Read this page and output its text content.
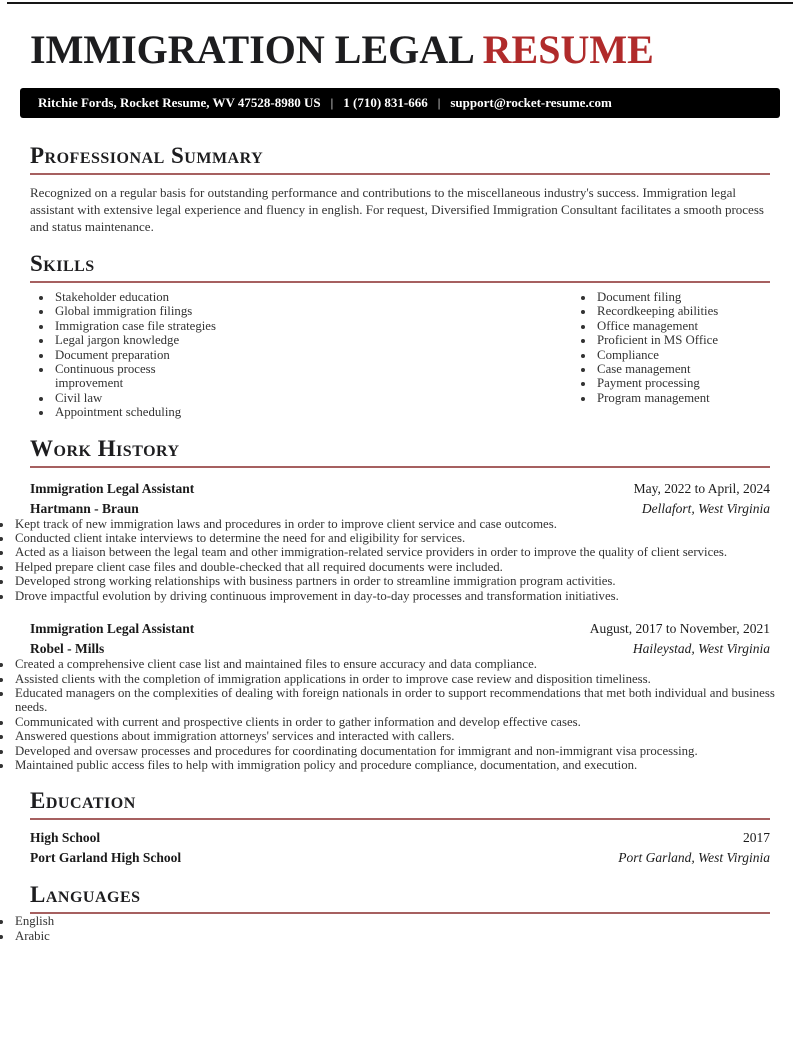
IMMIGRATION LEGAL RESUME
Ritchie Fords, Rocket Resume, WV 47528-8980 US | 1 (710) 831-666 | support@rocket-resume.com
Professional Summary

Recognized on a regular basis for outstanding performance and contributions to the miscellaneous industry's success. Immigration legal assistant with extensive legal experience and fluency in english. For request, Diversified Immigration Consultant facilitates a smooth process and status maintenance.

Skills
• Stakeholder education
• Global immigration filings
• Immigration case file strategies
• Legal jargon knowledge
• Document preparation
• Continuous process improvement
• Civil law
• Appointment scheduling
• Document filing
• Recordkeeping abilities
• Office management
• Proficient in MS Office
• Compliance
• Case management
• Payment processing
• Program management
Work History
Immigration Legal Assistant	May, 2022 to April, 2024
Hartmann - Braun	Dellafort, West Virginia
• Kept track of new immigration laws and procedures in order to improve client service and case outcomes.
• Conducted client intake interviews to determine the need for and eligibility for services.
• Acted as a liaison between the legal team and other immigration-related service providers in order to improve the quality of client services.
• Helped prepare client case files and double-checked that all required documents were included.
• Developed strong working relationships with business partners in order to streamline immigration program activities.
• Drove impactful evolution by driving continuous improvement in day-to-day processes and transformation initiatives.
Immigration Legal Assistant	August, 2017 to November, 2021
Robel - Mills	Haileystad, West Virginia
• Created a comprehensive client case list and maintained files to ensure accuracy and data compliance.
• Assisted clients with the completion of immigration applications in order to improve case review and disposition timeliness.
• Educated managers on the complexities of dealing with foreign nationals in order to support recommendations that met both individual and business needs.
• Communicated with current and prospective clients in order to gather information and develop effective cases.
• Answered questions about immigration attorneys' services and interacted with callers.
• Developed and oversaw processes and procedures for coordinating documentation for immigrant and non-immigrant visa processing.
• Maintained public access files to help with immigration policy and procedure compliance, documentation, and execution.
Education
High School	2017
Port Garland High School	Port Garland, West Virginia
Languages
• English
• Arabic
